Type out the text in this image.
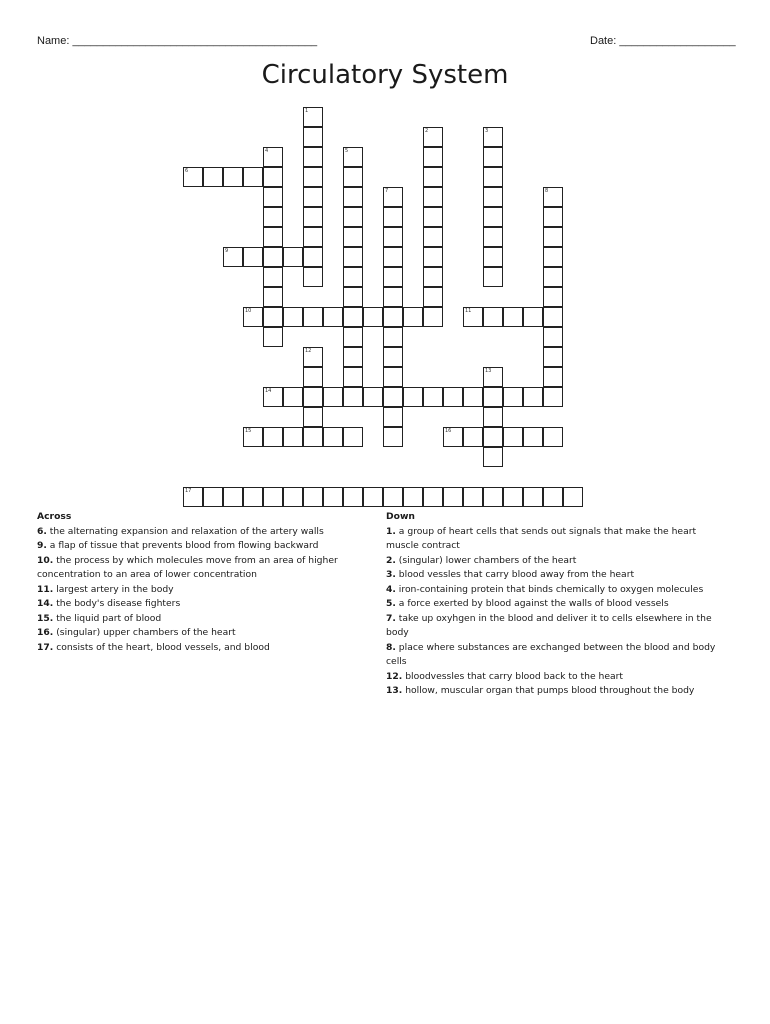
Name: ________________________________________	Date: ___________________
Circulatory System
1
2	3
4	5
6
7	8
9
10	11
12
13
14
15	16
17

Across

6. the alternating expansion and relaxation of the artery walls

9. a flap of tissue that prevents blood from flowing backward

10. the process by which molecules move from an area of higher concentration to an area of lower concentration

11. largest artery in the body

14. the body's disease fighters

15. the liquid part of blood

16. (singular) upper chambers of the heart

17. consists of the heart, blood vessels, and blood

Down

1. a group of heart cells that sends out signals that make the heart muscle contract

2. (singular) lower chambers of the heart

3. blood vessles that carry blood away from the heart

4. iron-containing protein that binds chemically to oxygen molecules

5. a force exerted by blood against the walls of blood vessels

7. take up oxyhgen in the blood and deliver it to cells elsewhere in the body

8. place where substances are exchanged between the blood and body cells

12. bloodvessles that carry blood back to the heart

13. hollow, muscular organ that pumps blood throughout the body
